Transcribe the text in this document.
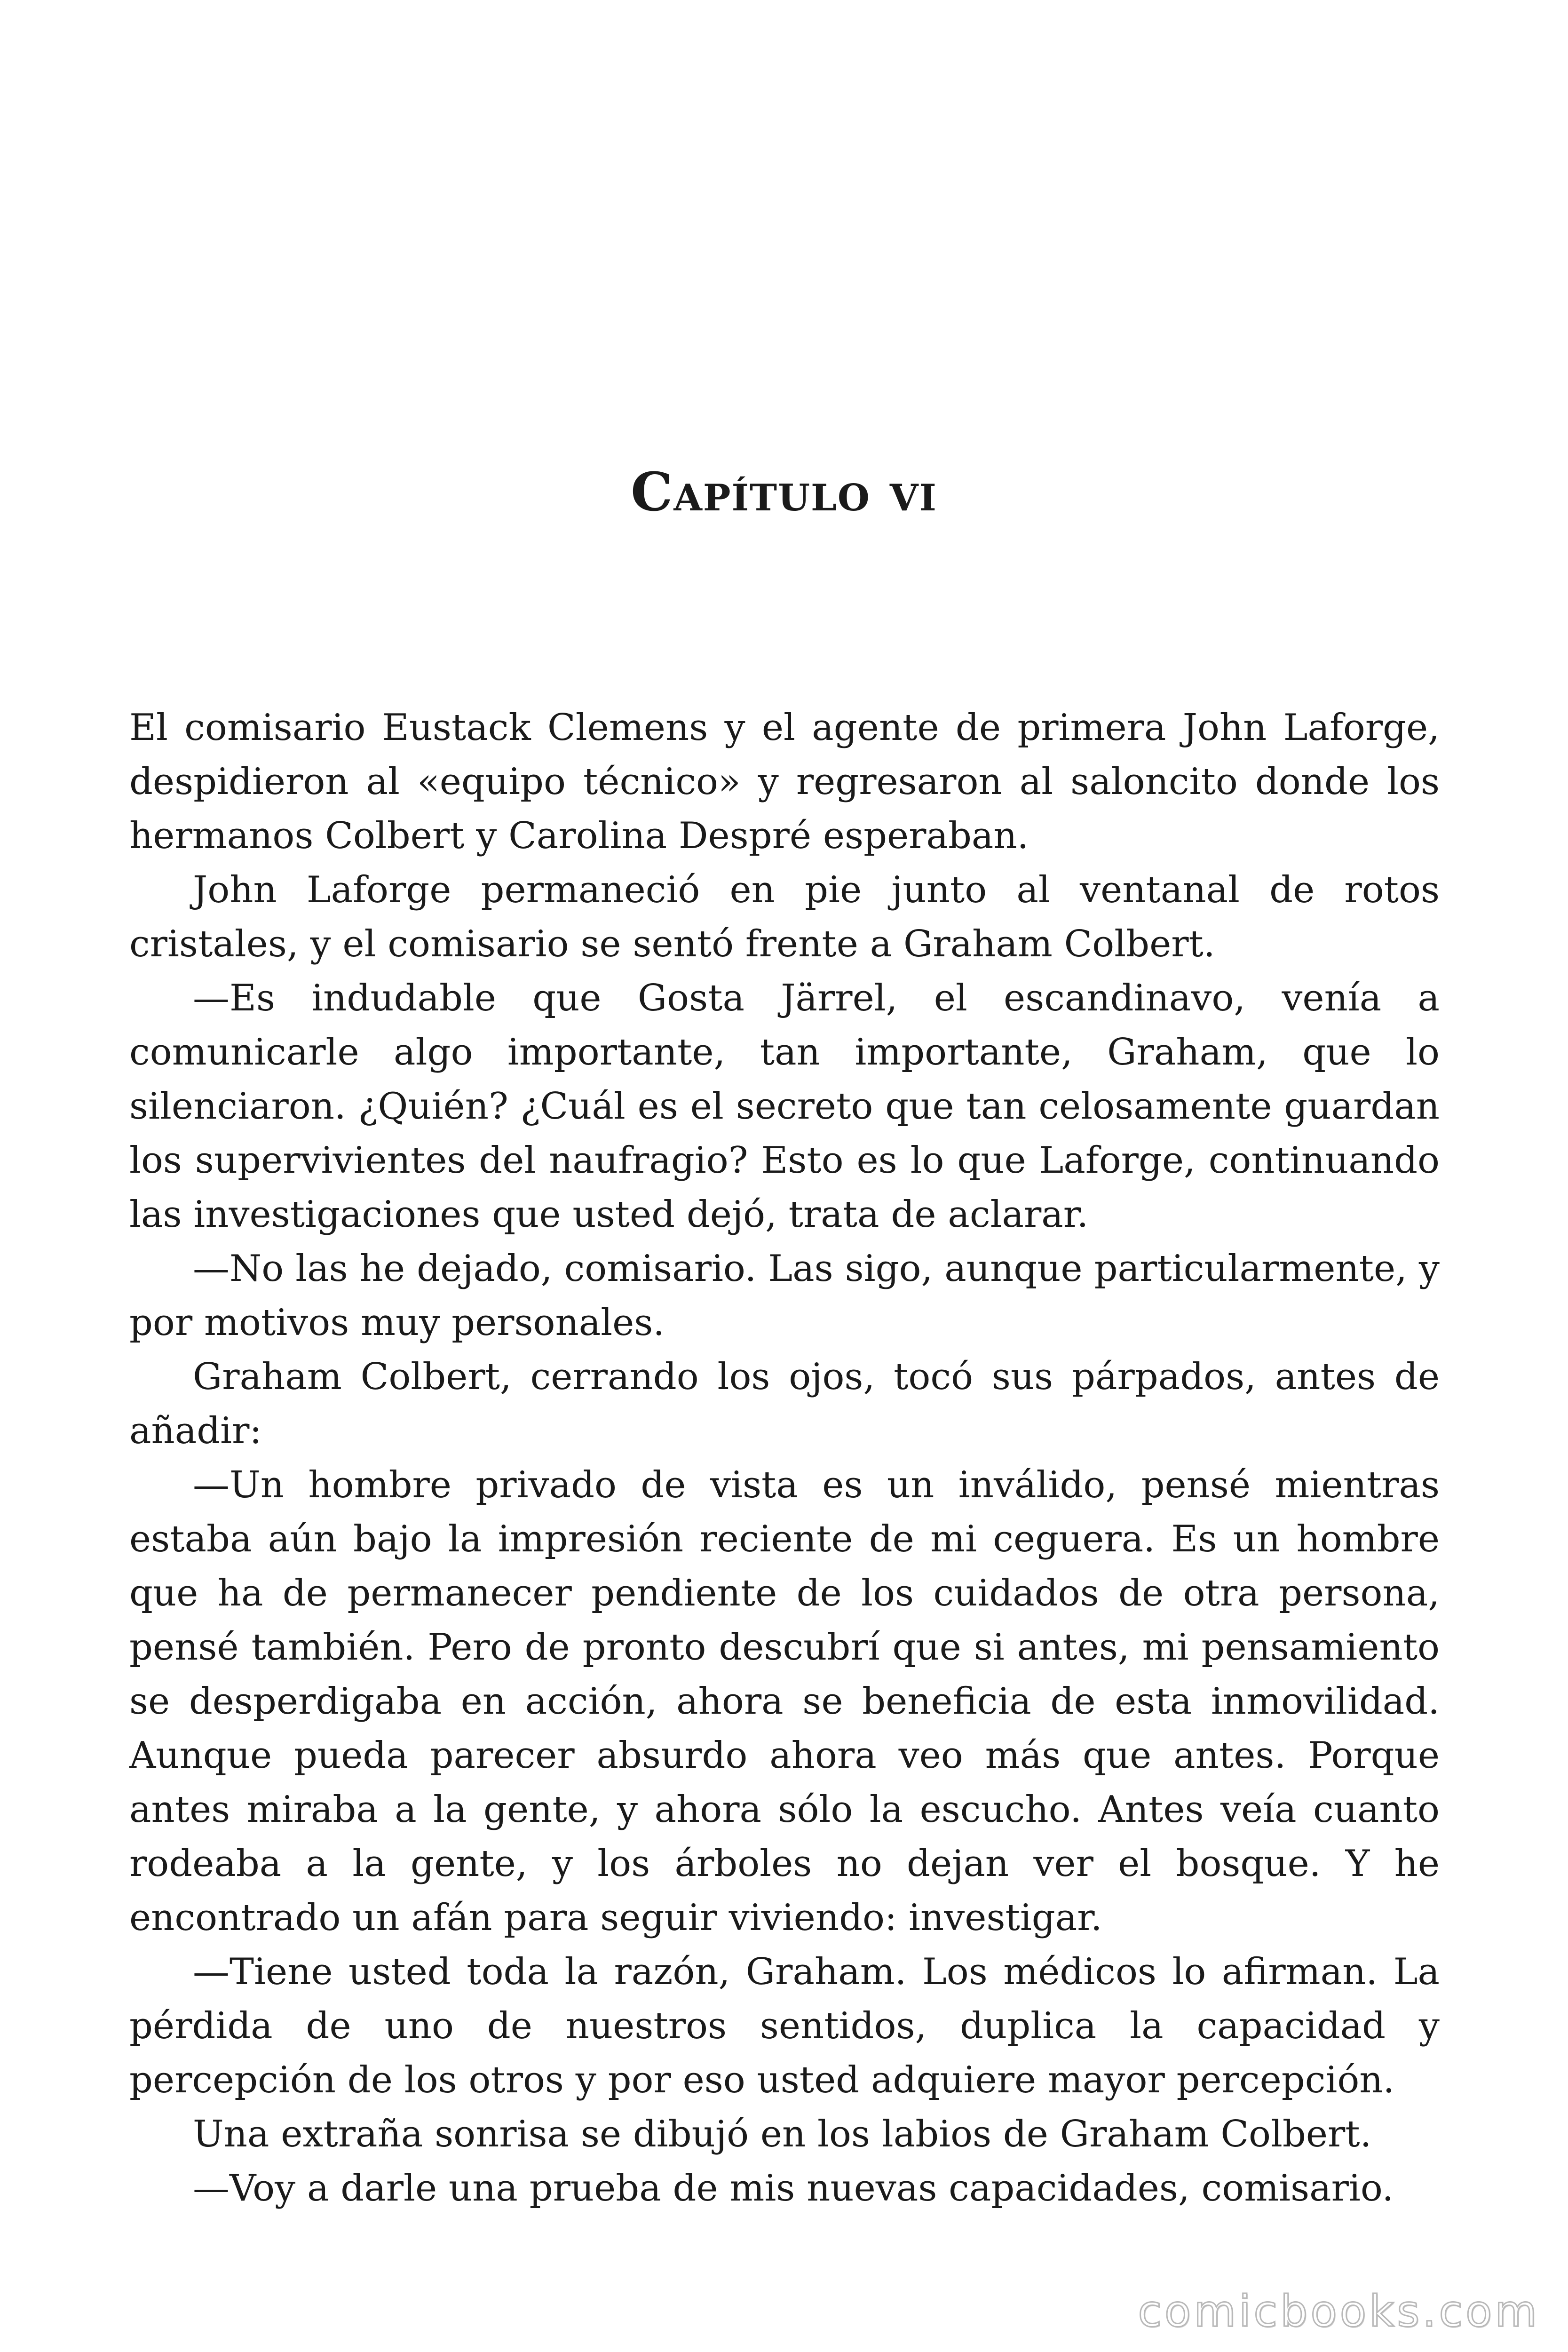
Capítulo vi

El comisario Eustack Clemens y el agente de primera John Laforge, despidieron al «equipo técnico» y regresaron al saloncito donde los hermanos Colbert y Carolina Despré esperaban.

John Laforge permaneció en pie junto al ventanal de rotos cristales, y el comisario se sentó frente a Graham Colbert.

—Es indudable que Gosta Järrel, el escandinavo, venía a comunicarle algo importante, tan importante, Graham, que lo silenciaron. ¿Quién? ¿Cuál es el secreto que tan celosamente guardan los supervivientes del naufragio? Esto es lo que Laforge, continuando las investigaciones que usted dejó, trata de aclarar.

—No las he dejado, comisario. Las sigo, aunque particularmente, y por motivos muy personales.

Graham Colbert, cerrando los ojos, tocó sus párpados, antes de añadir:

—Un hombre privado de vista es un inválido, pensé mientras estaba aún bajo la impresión reciente de mi ceguera. Es un hombre que ha de permanecer pendiente de los cuidados de otra persona, pensé también. Pero de pronto descubrí que si antes, mi pensamiento se desperdigaba en acción, ahora se beneficia de esta inmovilidad. Aunque pueda parecer absurdo ahora veo más que antes. Porque antes miraba a la gente, y ahora sólo la escucho. Antes veía cuanto rodeaba a la gente, y los árboles no dejan ver el bosque. Y he encontrado un afán para seguir viviendo: investigar.

—Tiene usted toda la razón, Graham. Los médicos lo afirman. La pérdida de uno de nuestros sentidos, duplica la capacidad y percepción de los otros y por eso usted adquiere mayor percepción.

Una extraña sonrisa se dibujó en los labios de Graham Colbert.

—Voy a darle una prueba de mis nuevas capacidades, comisario.

comicbooks.com
